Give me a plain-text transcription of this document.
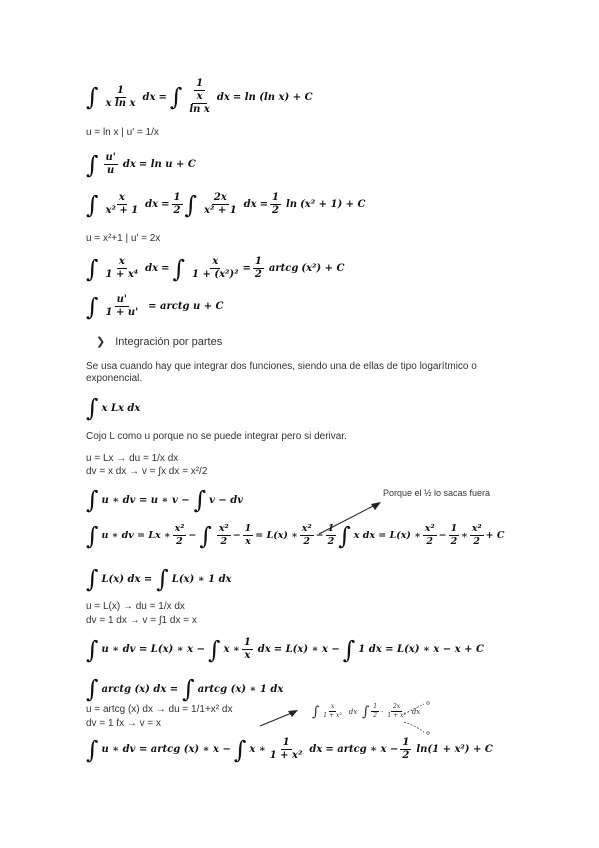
∫ $\frac{1}{\text{x ln x}}$ dx = ∫ $\frac{\frac{1}{x}}{\text{ln x}}$ dx = ln (ln x) + C
u = ln x | u' = 1/x
∫ $\frac{u'}{u}$ dx = ln u + C
∫ $\frac{x}{\text{x² + 1}}$ dx = $\frac{1}{2}$ ∫ $\frac{2x}{\text{x² + 1}}$ dx = $\frac{1}{2}$ ln (x² + 1) + C
u = x²+1 | u' = 2x
∫ $\frac{x}{\text{1 + x⁴}}$ dx = ∫ $\frac{x}{\text{1 + (x²)²}} = \frac{1}{2}$ artcg (x²) + C
∫ $\frac{u'}{1 + u'}$ = arctg u + C
❯ Integración por partes
Se usa cuando hay que integrar dos funciones, siendo una de ellas de tipo logarítmico o exponencial.
∫ x Lx dx
Cojo L como u porque no se puede integrar pero si derivar.
u = Lx → du = 1/x dx
dv = x dx → v = ∫x dx = x²/2
∫ u ∗ dv = u ∗ v − ∫ v − dv
Porque el ½ lo sacas fuera
∫ u ∗ dv = Lx ∗ $\frac{\text{x²}}{2}$ − ∫ $\frac{\text{x²}}{2} - \frac{1}{x} = L(x)$ ∗ $\frac{\text{x²}}{2} - \frac{1}{2}$ ∫ x dx = L(x) ∗ $\frac{\text{x²}}{2} - \frac{1}{2}$ ∗ $\frac{\text{x²}}{2} + C$
∫ L(x) dx = ∫ L(x) ∗ 1 dx
u = L(x) → du = 1/x dx
dv = 1 dx → v = ∫1 dx = x
∫ u ∗ dv = L(x) ∗ x − ∫ x ∗ $\frac{1}{x}$ dx = L(x) ∗ x − ∫ 1 dx = L(x) ∗ x − x + C
∫ arctg (x) dx = ∫ artcg (x) ∗ 1 dx
u = artcg (x) dx → du = 1/1+x² dx
dv = 1 fx → v = x
∫ $\frac{x}{\text{1 + x²}}$ dx ∫ $\frac{1}{2} \cdot \frac{2x}{\text{1 + x²}}$ dx
∫ u ∗ dv = artcg (x) ∗ x − ∫ x ∗ $\frac{1}{\text{1 + x²}}$ dx = artcg ∗ $x - \frac{1}{2} \ln(1 + x^2) + C$
